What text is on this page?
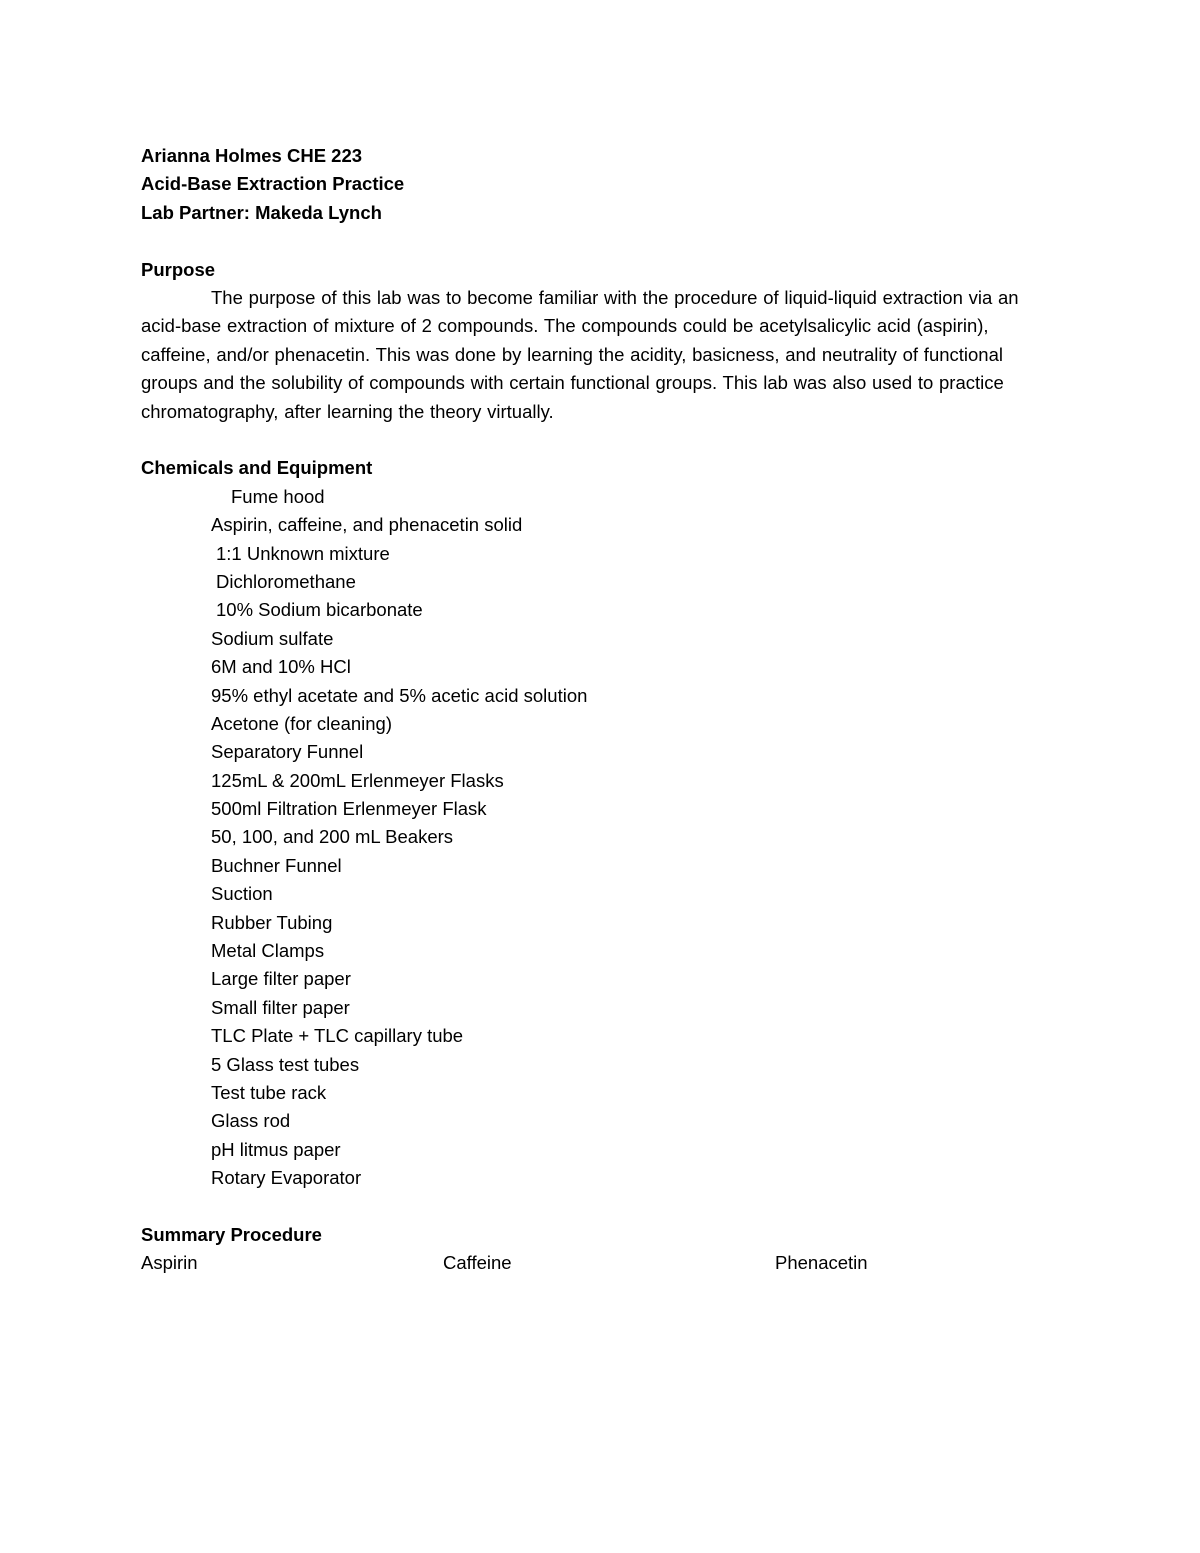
Arianna Holmes CHE 223
Acid-Base Extraction Practice
Lab Partner: Makeda Lynch
Purpose
The purpose of this lab was to become familiar with the procedure of liquid-liquid extraction via an acid-base extraction of mixture of 2 compounds. The compounds could be acetylsalicylic acid (aspirin), caffeine, and/or phenacetin. This was done by learning the acidity, basicness, and neutrality of functional groups and the solubility of compounds with certain functional groups. This lab was also used to practice chromatography, after learning the theory virtually.
Chemicals and Equipment
Fume hood
Aspirin, caffeine, and phenacetin solid
1:1 Unknown mixture
Dichloromethane
10% Sodium bicarbonate
Sodium sulfate
6M and 10% HCl
95% ethyl acetate and 5% acetic acid solution
Acetone (for cleaning)
Separatory Funnel
125mL & 200mL Erlenmeyer Flasks
500ml Filtration Erlenmeyer Flask
50, 100, and 200 mL Beakers
Buchner Funnel
Suction
Rubber Tubing
Metal Clamps
Large filter paper
Small filter paper
TLC Plate + TLC capillary tube
5 Glass test tubes
Test tube rack
Glass rod
pH litmus paper
Rotary Evaporator
Summary Procedure
Aspirin	Caffeine	Phenacetin
